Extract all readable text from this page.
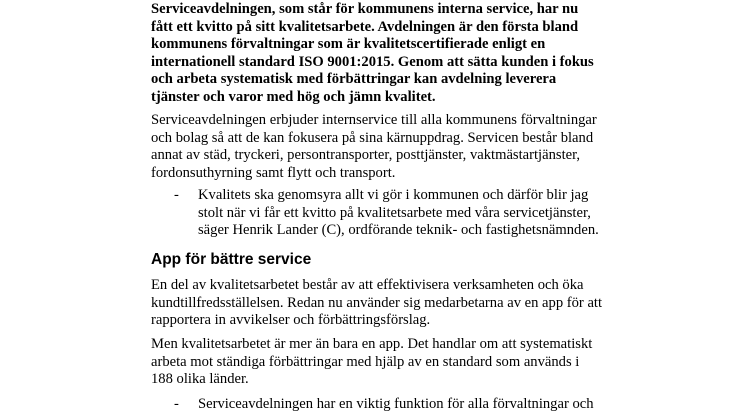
Serviceavdelningen, som står för kommunens interna service, har nu
fått ett kvitto på sitt kvalitetsarbete. Avdelningen är den första bland
kommunens förvaltningar som är kvalitetscertifierade enligt en
internationell standard ISO 9001:2015. Genom att sätta kunden i fokus
och arbeta systematisk med förbättringar kan avdelning leverera
tjänster och varor med hög och jämn kvalitet.
Serviceavdelningen erbjuder internservice till alla kommunens förvaltningar
och bolag så att de kan fokusera på sina kärnuppdrag. Servicen består bland
annat av städ, tryckeri, persontransporter, posttjänster, vaktmästartjänster,
fordonsuthyrning samt flytt och transport.
- Kvalitets ska genomsyra allt vi gör i kommunen och därför blir jag
stolt när vi får ett kvitto på kvalitetsarbete med våra servicetjänster,
säger Henrik Lander (C), ordförande teknik- och fastighetsnämnden.
App för bättre service
En del av kvalitetsarbetet består av att effektivisera verksamheten och öka
kundtillfredsställelsen. Redan nu använder sig medarbetarna av en app för att
rapportera in avvikelser och förbättringsförslag.
Men kvalitetsarbetet är mer än bara en app. Det handlar om att systematiskt
arbeta mot ständiga förbättringar med hjälp av en standard som används i
188 olika länder.
- Serviceavdelningen har en viktig funktion för alla förvaltningar och
